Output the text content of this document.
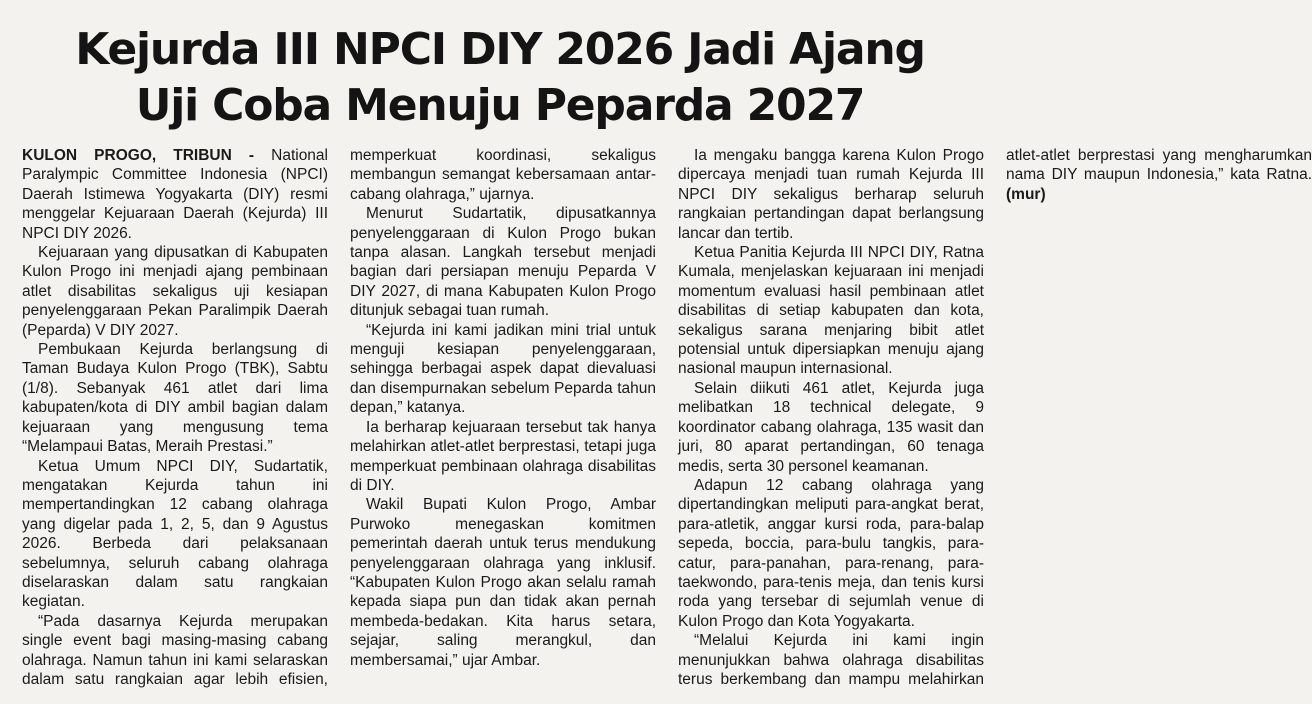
Kejurda III NPCI DIY 2026 Jadi Ajang
Uji Coba Menuju Peparda 2027

KULON PROGO, TRIBUN - National Paralympic Committee Indonesia (NPCI) Daerah Istimewa Yogyakarta (DIY) resmi menggelar Kejuaraan Daerah (Kejurda) III NPCI DIY 2026.

Kejuaraan yang dipusatkan di Kabupaten Kulon Progo ini menjadi ajang pembinaan atlet disabilitas sekaligus uji kesiapan penyelenggaraan Pekan Paralimpik Daerah (Peparda) V DIY 2027.

Pembukaan Kejurda berlangsung di Taman Budaya Kulon Progo (TBK), Sabtu (1/8). Sebanyak 461 atlet dari lima kabupaten/kota di DIY ambil bagian dalam kejuaraan yang mengusung tema “Melampaui Batas, Meraih Prestasi.”

Ketua Umum NPCI DIY, Sudartatik, mengatakan Kejurda tahun ini mempertandingkan 12 cabang olahraga yang digelar pada 1, 2, 5, dan 9 Agustus 2026. Berbeda dari pelaksanaan sebelumnya, seluruh cabang olahraga diselaraskan dalam satu rangkaian kegiatan.

“Pada dasarnya Kejurda merupakan single event bagi masing-masing cabang olahraga. Namun tahun ini kami selaraskan dalam satu rangkaian agar lebih efisien, memperkuat koordinasi, sekaligus membangun semangat kebersamaan antar-cabang olahraga,” ujarnya.

Menurut Sudartatik, dipusatkannya penyelenggaraan di Kulon Progo bukan tanpa alasan. Langkah tersebut menjadi bagian dari persiapan menuju Peparda V DIY 2027, di mana Kabupaten Kulon Progo ditunjuk sebagai tuan rumah.

“Kejurda ini kami jadikan mini trial untuk menguji kesiapan penyelenggaraan, sehingga berbagai aspek dapat dievaluasi dan disempurnakan sebelum Peparda tahun depan,” katanya.

Ia berharap kejuaraan tersebut tak hanya melahirkan atlet-atlet berprestasi, tetapi juga memperkuat pembinaan olahraga disabilitas di DIY.

Wakil Bupati Kulon Progo, Ambar Purwoko menegaskan komitmen pemerintah daerah untuk terus mendukung penyelenggaraan olahraga yang inklusif. “Kabupaten Kulon Progo akan selalu ramah kepada siapa pun dan tidak akan pernah membeda-bedakan. Kita harus setara, sejajar, saling merangkul, dan membersamai,” ujar Ambar.

Ia mengaku bangga karena Kulon Progo dipercaya menjadi tuan rumah Kejurda III NPCI DIY sekaligus berharap seluruh rangkaian pertandingan dapat berlangsung lancar dan tertib.

Ketua Panitia Kejurda III NPCI DIY, Ratna Kumala, menjelaskan kejuaraan ini menjadi momentum evaluasi hasil pembinaan atlet disabilitas di setiap kabupaten dan kota, sekaligus sarana menjaring bibit atlet potensial untuk dipersiapkan menuju ajang nasional maupun internasional.

Selain diikuti 461 atlet, Kejurda juga melibatkan 18 technical delegate, 9 koordinator cabang olahraga, 135 wasit dan juri, 80 aparat pertandingan, 60 tenaga medis, serta 30 personel keamanan.

Adapun 12 cabang olahraga yang dipertandingkan meliputi para-angkat berat, para-atletik, anggar kursi roda, para-balap sepeda, boccia, para-bulu tangkis, para-catur, para-panahan, para-renang, para-taekwondo, para-tenis meja, dan tenis kursi roda yang tersebar di sejumlah venue di Kulon Progo dan Kota Yogyakarta.

“Melalui Kejurda ini kami ingin menunjukkan bahwa olahraga disabilitas terus berkembang dan mampu melahirkan atlet-atlet berprestasi yang mengharumkan nama DIY maupun Indonesia,” kata Ratna. (mur)
